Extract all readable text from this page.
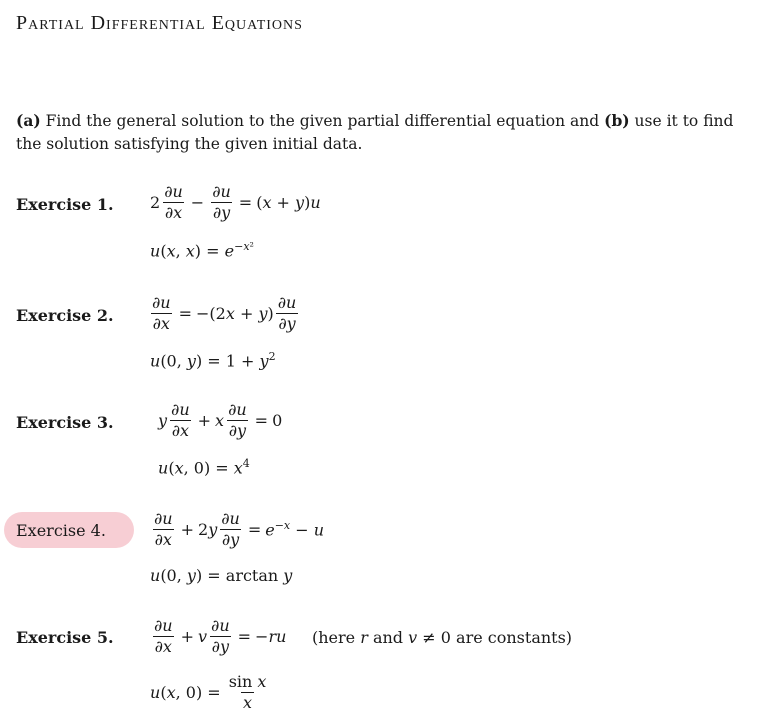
Partial Differential Equations
(a) Find the general solution to the given partial differential equation and (b) use it to find the solution satisfying the given initial data.
Exercise 1. $2 \frac{\partial u}{\partial x} - \frac{\partial u}{\partial y} = (x + y)u$
u(x, $x) = e^{-x^2}$
Exercise 2. $\frac{\partial u}{\partial x} = -(2x + y) \frac{\partial u}{\partial y}$
u(0, $y) = 1 + y^2$
Exercise 3.	y $\frac{\partial u}{\partial x} + x \frac{\partial u}{\partial y} = 0$
u(x, $0) = x^4$
Exercise 4.	$\frac{\partial u}{\partial x} + 2y \frac{\partial u}{\partial y} = e^{-x} - u$
u(0, y) = arctan y
Exercise 5. $\frac{\partial u}{\partial x} + v \frac{\partial u}{\partial y} = -ru$ (here r and v ≠ 0 are constants)
u(x, $0) = \frac{\text{sin x}}{x}$
